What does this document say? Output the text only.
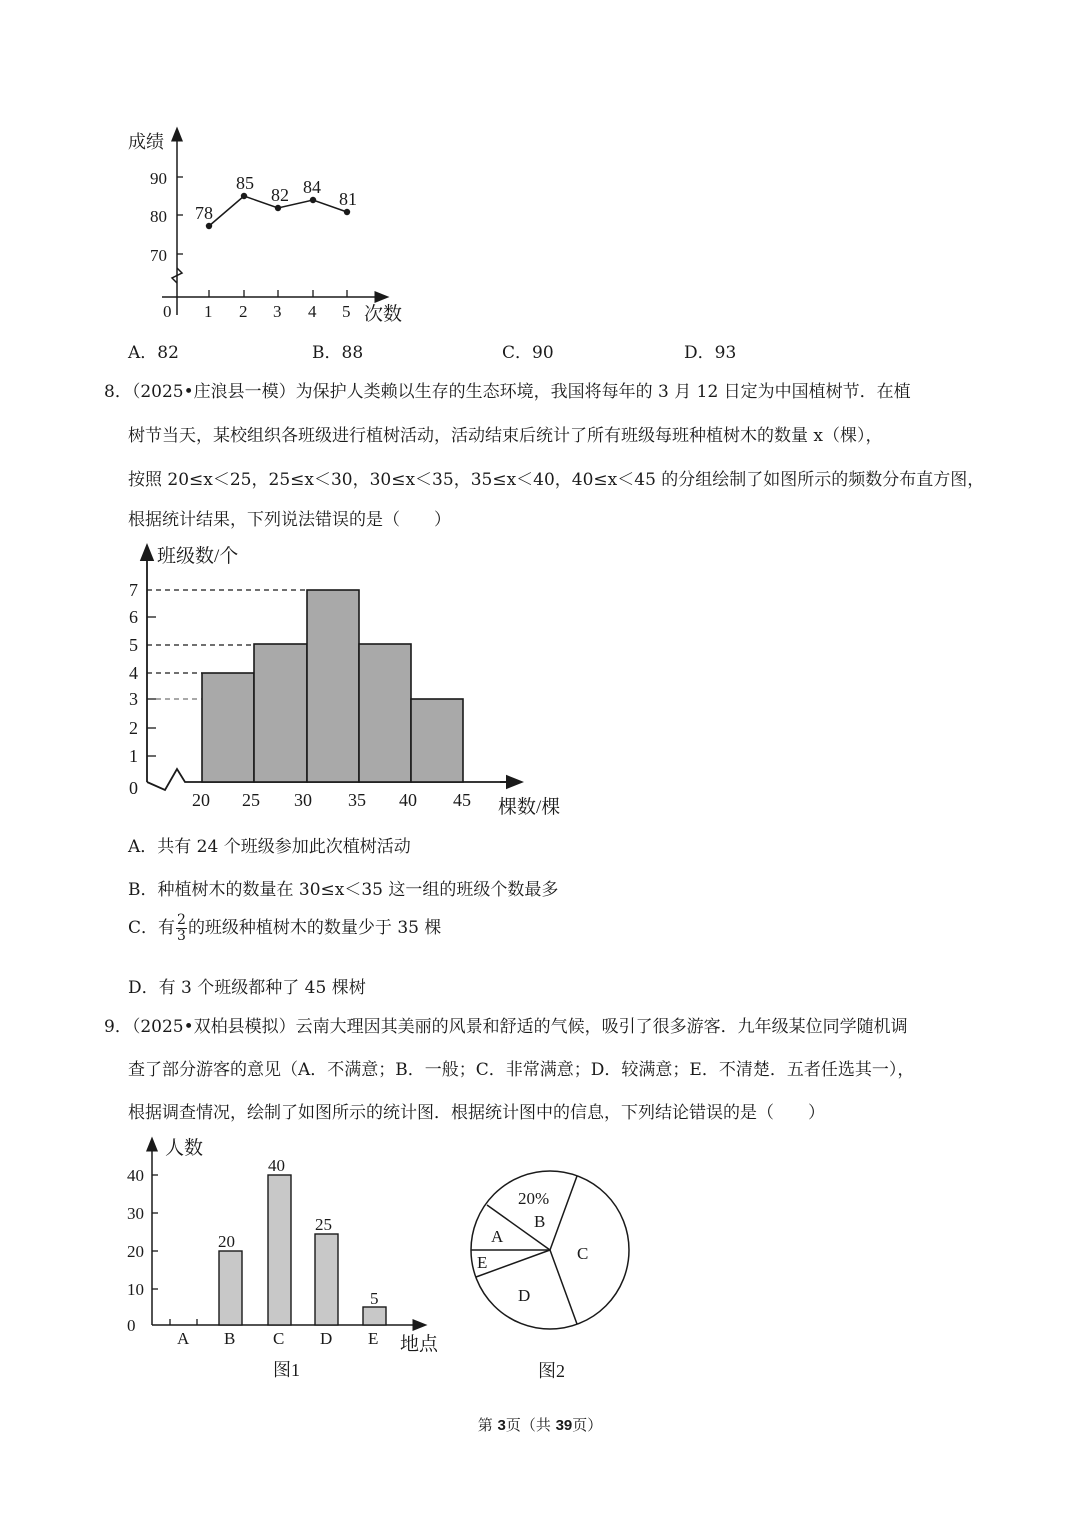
90
80
70
成绩
0 1 2 3 4 5 次数
78
85
82 84
81
A．82	B．88	C．90	D．93
8．（2025•庄浪县一模）为保护人类赖以生存的生态环境，我国将每年的 3 月 12 日定为中国植树节．在植
树节当天，某校组织各班级进行植树活动，活动结束后统计了所有班级每班种植树木的数量 x（棵），
按照 20≤x＜25，25≤x＜30，30≤x＜35，35≤x＜40，40≤x＜45 的分组绘制了如图所示的频数分布直方图，
根据统计结果，下列说法错误的是（　　）
0
1
2
3
4
5
6
7
班级数/个
20 25 30 35 40 45 棵数/棵
A．共有 24 个班级参加此次植树活动
B．种植树木的数量在 30≤x＜35 这一组的班级个数最多
C．有 $\frac{2}{3}$ 的班级种植树木的数量少于 35 棵
D．有 3 个班级都种了 45 棵树
9．（2025•双柏县模拟）云南大理因其美丽的风景和舒适的气候，吸引了很多游客．九年级某位同学随机调
查了部分游客的意见（A．不满意；B．一般；C．非常满意；D．较满意；E．不清楚．五者任选其一），
根据调查情况，绘制了如图所示的统计图．根据统计图中的信息，下列结论错误的是（　　）
0
10
20
30
40
人数
20
40
25
5
A B C D E 地点
图1
20%
B
A
E	C
D
图2
第 3页（共 39页）
